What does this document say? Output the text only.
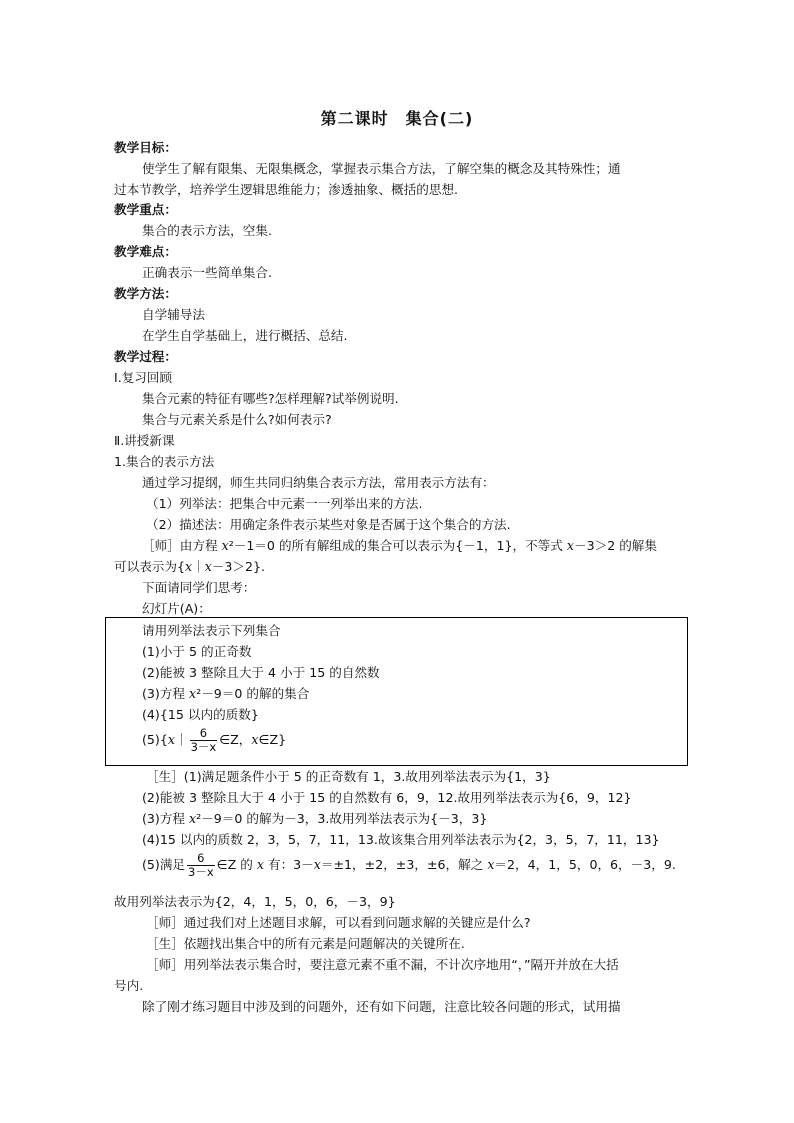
第二课时　集合(二)
教学目标：
使学生了解有限集、无限集概念，掌握表示集合方法，了解空集的概念及其特殊性；通
过本节教学，培养学生逻辑思维能力；渗透抽象、概括的思想.
教学重点：
集合的表示方法，空集.
教学难点：
正确表示一些简单集合.
教学方法：
自学辅导法
在学生自学基础上，进行概括、总结.
教学过程：
Ⅰ.复习回顾
集合元素的特征有哪些?怎样理解?试举例说明.
集合与元素关系是什么?如何表示?
Ⅱ.讲授新课
1.集合的表示方法
通过学习提纲，师生共同归纳集合表示方法，常用表示方法有：
（1）列举法：把集合中元素一一列举出来的方法.
（2）描述法：用确定条件表示某些对象是否属于这个集合的方法.
［师］由方程 x²－1＝0 的所有解组成的集合可以表示为{－1，1}，不等式 x－3＞2 的解集
可以表示为{x｜x－3＞2}.
下面请同学们思考：
幻灯片(A)：
请用列举法表示下列集合
(1)小于 5 的正奇数
(2)能被 3 整除且大于 4 小于 15 的自然数
(3)方程 x²－9＝0 的解的集合
(4){15 以内的质数}
(5){x｜ $\frac{6}{3-x}$ ∈Z，x∈Z}
［生］(1)满足题条件小于 5 的正奇数有 1，3.故用列举法表示为{1，3}
(2)能被 3 整除且大于 4 小于 15 的自然数有 6，9，12.故用列举法表示为{6，9，12}
(3)方程 x²－9＝0 的解为－3，3.故用列举法表示为{－3，3}
(4)15 以内的质数 2，3，5，7，11，13.故该集合用列举法表示为{2，3，5，7，11，13}
(5)满足 $\frac{6}{3-x}$ ∈Z 的 x 有：3－x＝±1，±2，±3，±6，解之 x＝2，4，1，5，0，6，－3，9.
故用列举法表示为{2，4，1，5，0，6，－3，9}
［师］通过我们对上述题目求解，可以看到问题求解的关键应是什么?
［生］依题找出集合中的所有元素是问题解决的关键所在.
［师］用列举法表示集合时，要注意元素不重不漏，不计次序地用“，”隔开并放在大括
号内.
除了刚才练习题目中涉及到的问题外，还有如下问题，注意比较各问题的形式，试用描
